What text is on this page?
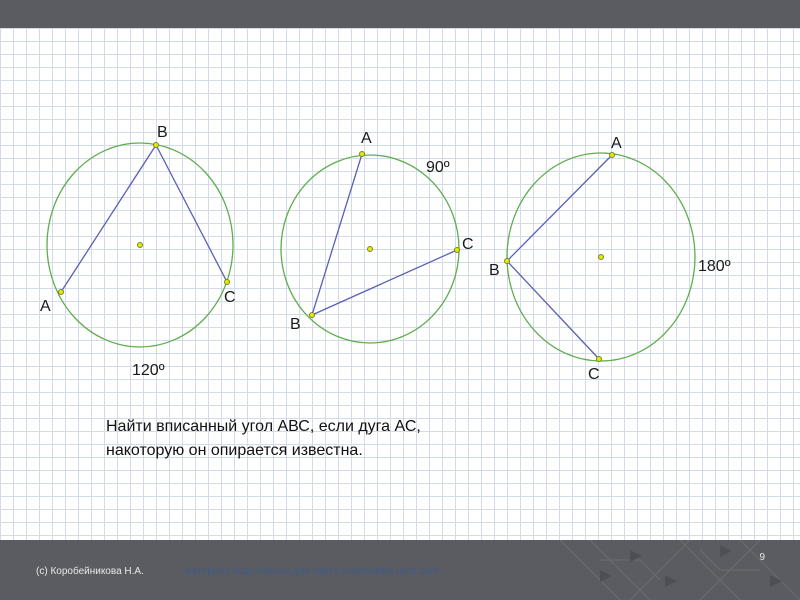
B
A
C
120º
A
B
C
90º
A
B
C
180º
Найти вписанный угол АВС, если дуга АС,
накоторую он опирается известна.
(c) Коробейникова Н.А.	материал подготовлен для сайта matematika.ucoz.com
9
